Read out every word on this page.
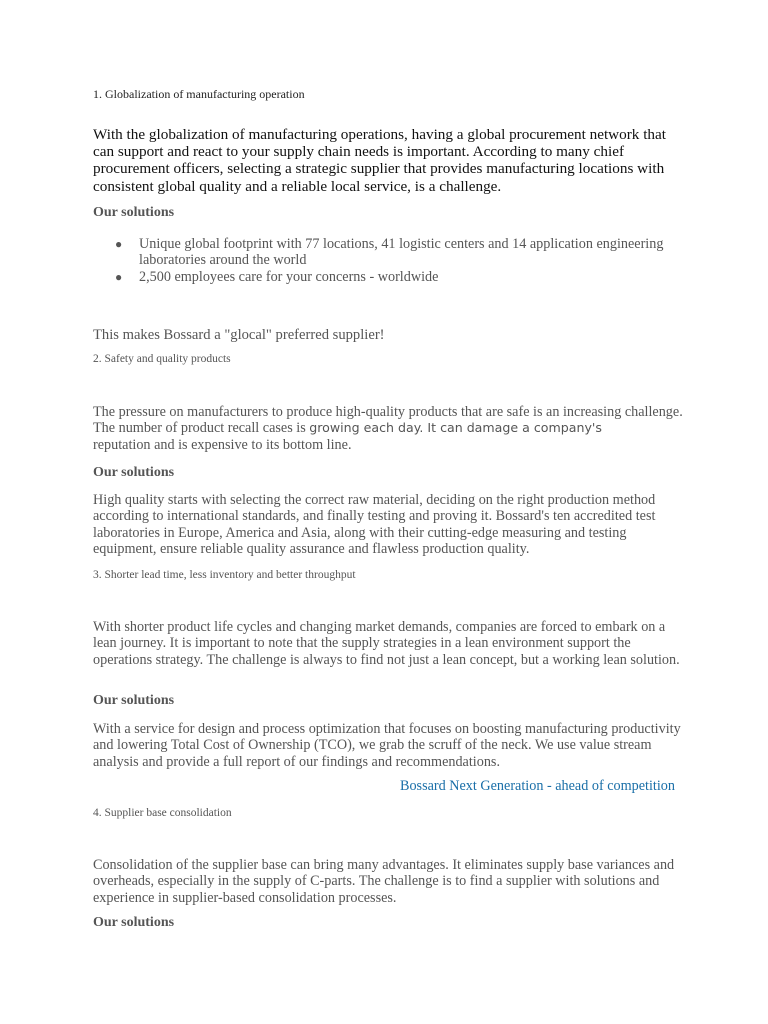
1. Globalization of manufacturing operation

With the globalization of manufacturing operations, having a global procurement network that can support and react to your supply chain needs is important. According to many chief procurement officers, selecting a strategic supplier that provides manufacturing locations with consistent global quality and a reliable local service, is a challenge.

Our solutions

● Unique global footprint with 77 locations, 41 logistic centers and 14 application engineering laboratories around the world
● 2,500 employees care for your concerns - worldwide

This makes Bossard a "glocal" preferred supplier!

2. Safety and quality products

The pressure on manufacturers to produce high-quality products that are safe is an increasing challenge. The number of product recall cases is growing each day. It can damage a company's
reputation and is expensive to its bottom line.

Our solutions

High quality starts with selecting the correct raw material, deciding on the right production method according to international standards, and finally testing and proving it. Bossard's ten accredited test laboratories in Europe, America and Asia, along with their cutting-edge measuring and testing equipment, ensure reliable quality assurance and flawless production quality.

3. Shorter lead time, less inventory and better throughput

With shorter product life cycles and changing market demands, companies are forced to embark on a lean journey. It is important to note that the supply strategies in a lean environment support the operations strategy. The challenge is always to find not just a lean concept, but a working lean solution.

Our solutions

With a service for design and process optimization that focuses on boosting manufacturing productivity and lowering Total Cost of Ownership (TCO), we grab the scruff of the neck. We use value stream analysis and provide a full report of our findings and recommendations.

Bossard Next Generation - ahead of competition

4. Supplier base consolidation

Consolidation of the supplier base can bring many advantages. It eliminates supply base variances and overheads, especially in the supply of C-parts. The challenge is to find a supplier with solutions and experience in supplier-based consolidation processes.

Our solutions
